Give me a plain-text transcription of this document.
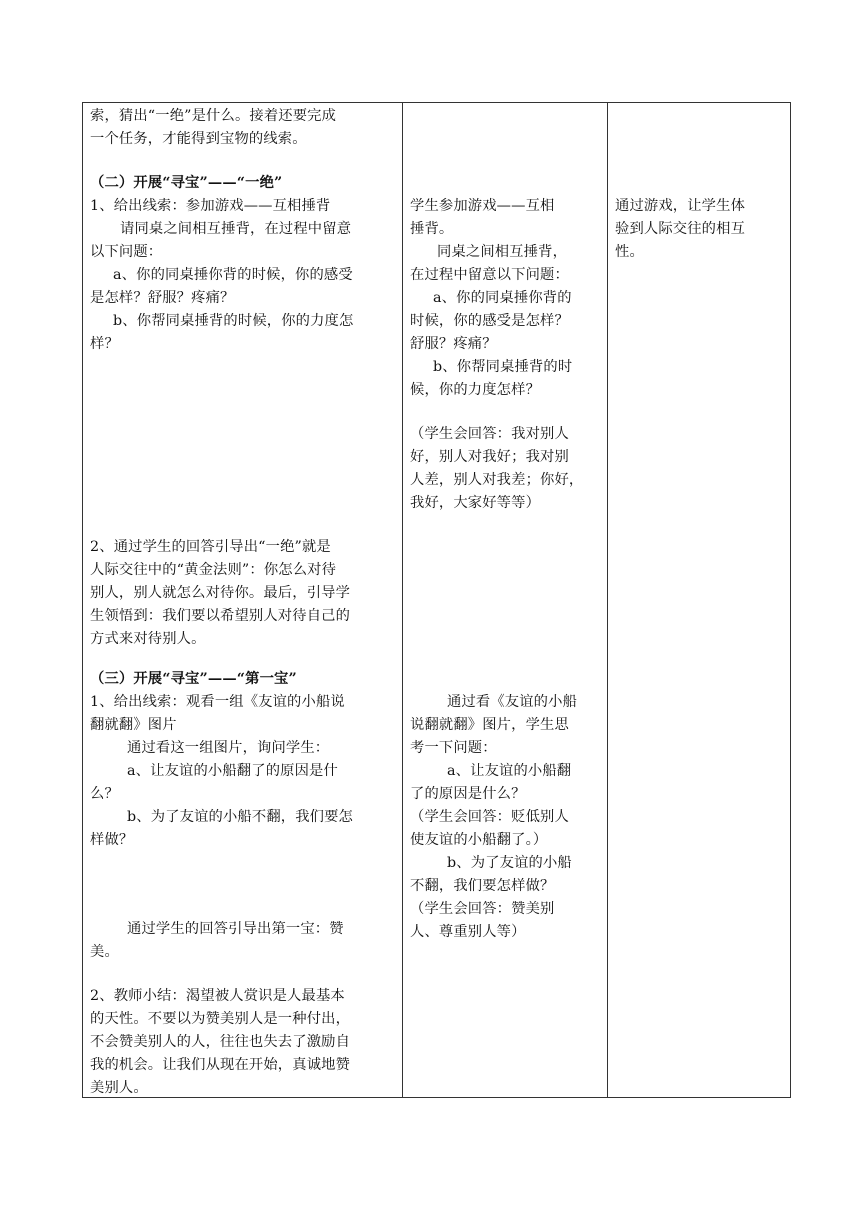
索，猜出“一绝”是什么。接着还要完成
一个任务，才能得到宝物的线索。
（二）开展“寻宝”——“一绝”
1、给出线索：参加游戏——互相捶背
请同桌之间相互捶背，在过程中留意
以下问题：
a、你的同桌捶你背的时候，你的感受
是怎样？舒服？疼痛？
b、你帮同桌捶背的时候，你的力度怎
样？
2、通过学生的回答引导出“一绝”就是
人际交往中的“黄金法则”：你怎么对待
别人，别人就怎么对待你。最后，引导学
生领悟到：我们要以希望别人对待自己的
方式来对待别人。
（三）开展“寻宝”——“第一宝”
1、给出线索：观看一组《友谊的小船说
翻就翻》图片
通过看这一组图片，询问学生：
a、让友谊的小船翻了的原因是什
么？
b、为了友谊的小船不翻，我们要怎
样做？
通过学生的回答引导出第一宝：赞
美。
2、教师小结：渴望被人赏识是人最基本
的天性。不要以为赞美别人是一种付出，
不会赞美别人的人，往往也失去了激励自
我的机会。让我们从现在开始，真诚地赞
美别人。

学生参加游戏——互相
捶背。
同桌之间相互捶背，
在过程中留意以下问题：
a、你的同桌捶你背的
时候，你的感受是怎样？
舒服？疼痛？
b、你帮同桌捶背的时
候，你的力度怎样？
（学生会回答：我对别人
好，别人对我好；我对别
人差，别人对我差；你好，
我好，大家好等等）
通过看《友谊的小船
说翻就翻》图片，学生思
考一下问题：
a、让友谊的小船翻
了的原因是什么？
（学生会回答：贬低别人
使友谊的小船翻了。）
b、为了友谊的小船
不翻，我们要怎样做？
（学生会回答：赞美别
人、尊重别人等）

通过游戏，让学生体
验到人际交往的相互
性。
